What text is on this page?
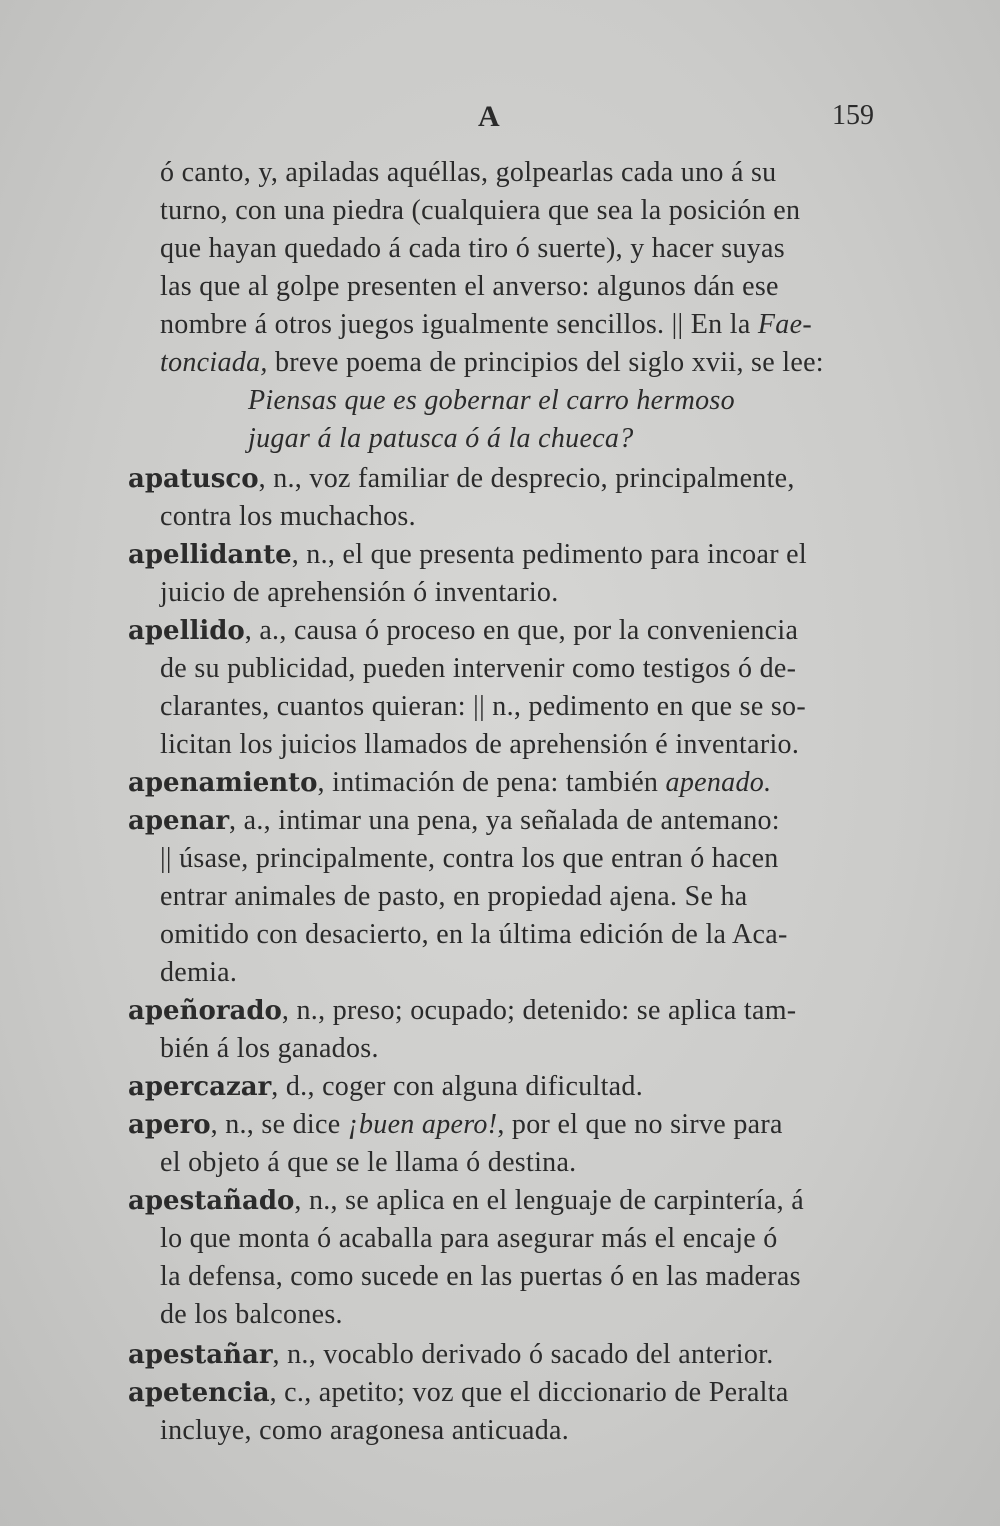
A	159
ó canto, y, apiladas aquéllas, golpearlas cada uno á su
turno, con una piedra (cualquiera que sea la posición en
que hayan quedado á cada tiro ó suerte), y hacer suyas
las que al golpe presenten el anverso: algunos dán ese
nombre á otros juegos igualmente sencillos. || En la Fae-
tonciada, breve poema de principios del siglo xvii, se lee:
Piensas que es gobernar el carro hermoso
jugar á la patusca ó á la chueca?
apatusco, n., voz familiar de desprecio, principalmente,
contra los muchachos.
apellidante, n., el que presenta pedimento para incoar el
juicio de aprehensión ó inventario.
apellido, a., causa ó proceso en que, por la conveniencia
de su publicidad, pueden intervenir como testigos ó de-
clarantes, cuantos quieran: || n., pedimento en que se so-
licitan los juicios llamados de aprehensión é inventario.
apenamiento, intimación de pena: también apenado.
apenar, a., intimar una pena, ya señalada de antemano:
|| úsase, principalmente, contra los que entran ó hacen
entrar animales de pasto, en propiedad ajena. Se ha
omitido con desacierto, en la última edición de la Aca-
demia.
apeñorado, n., preso; ocupado; detenido: se aplica tam-
bién á los ganados.
apercazar, d., coger con alguna dificultad.
apero, n., se dice ¡buen apero!, por el que no sirve para
el objeto á que se le llama ó destina.
apestañado, n., se aplica en el lenguaje de carpintería, á
lo que monta ó acaballa para asegurar más el encaje ó
la defensa, como sucede en las puertas ó en las maderas
de los balcones.
apestañar, n., vocablo derivado ó sacado del anterior.
apetencia, c., apetito; voz que el diccionario de Peralta
incluye, como aragonesa anticuada.
